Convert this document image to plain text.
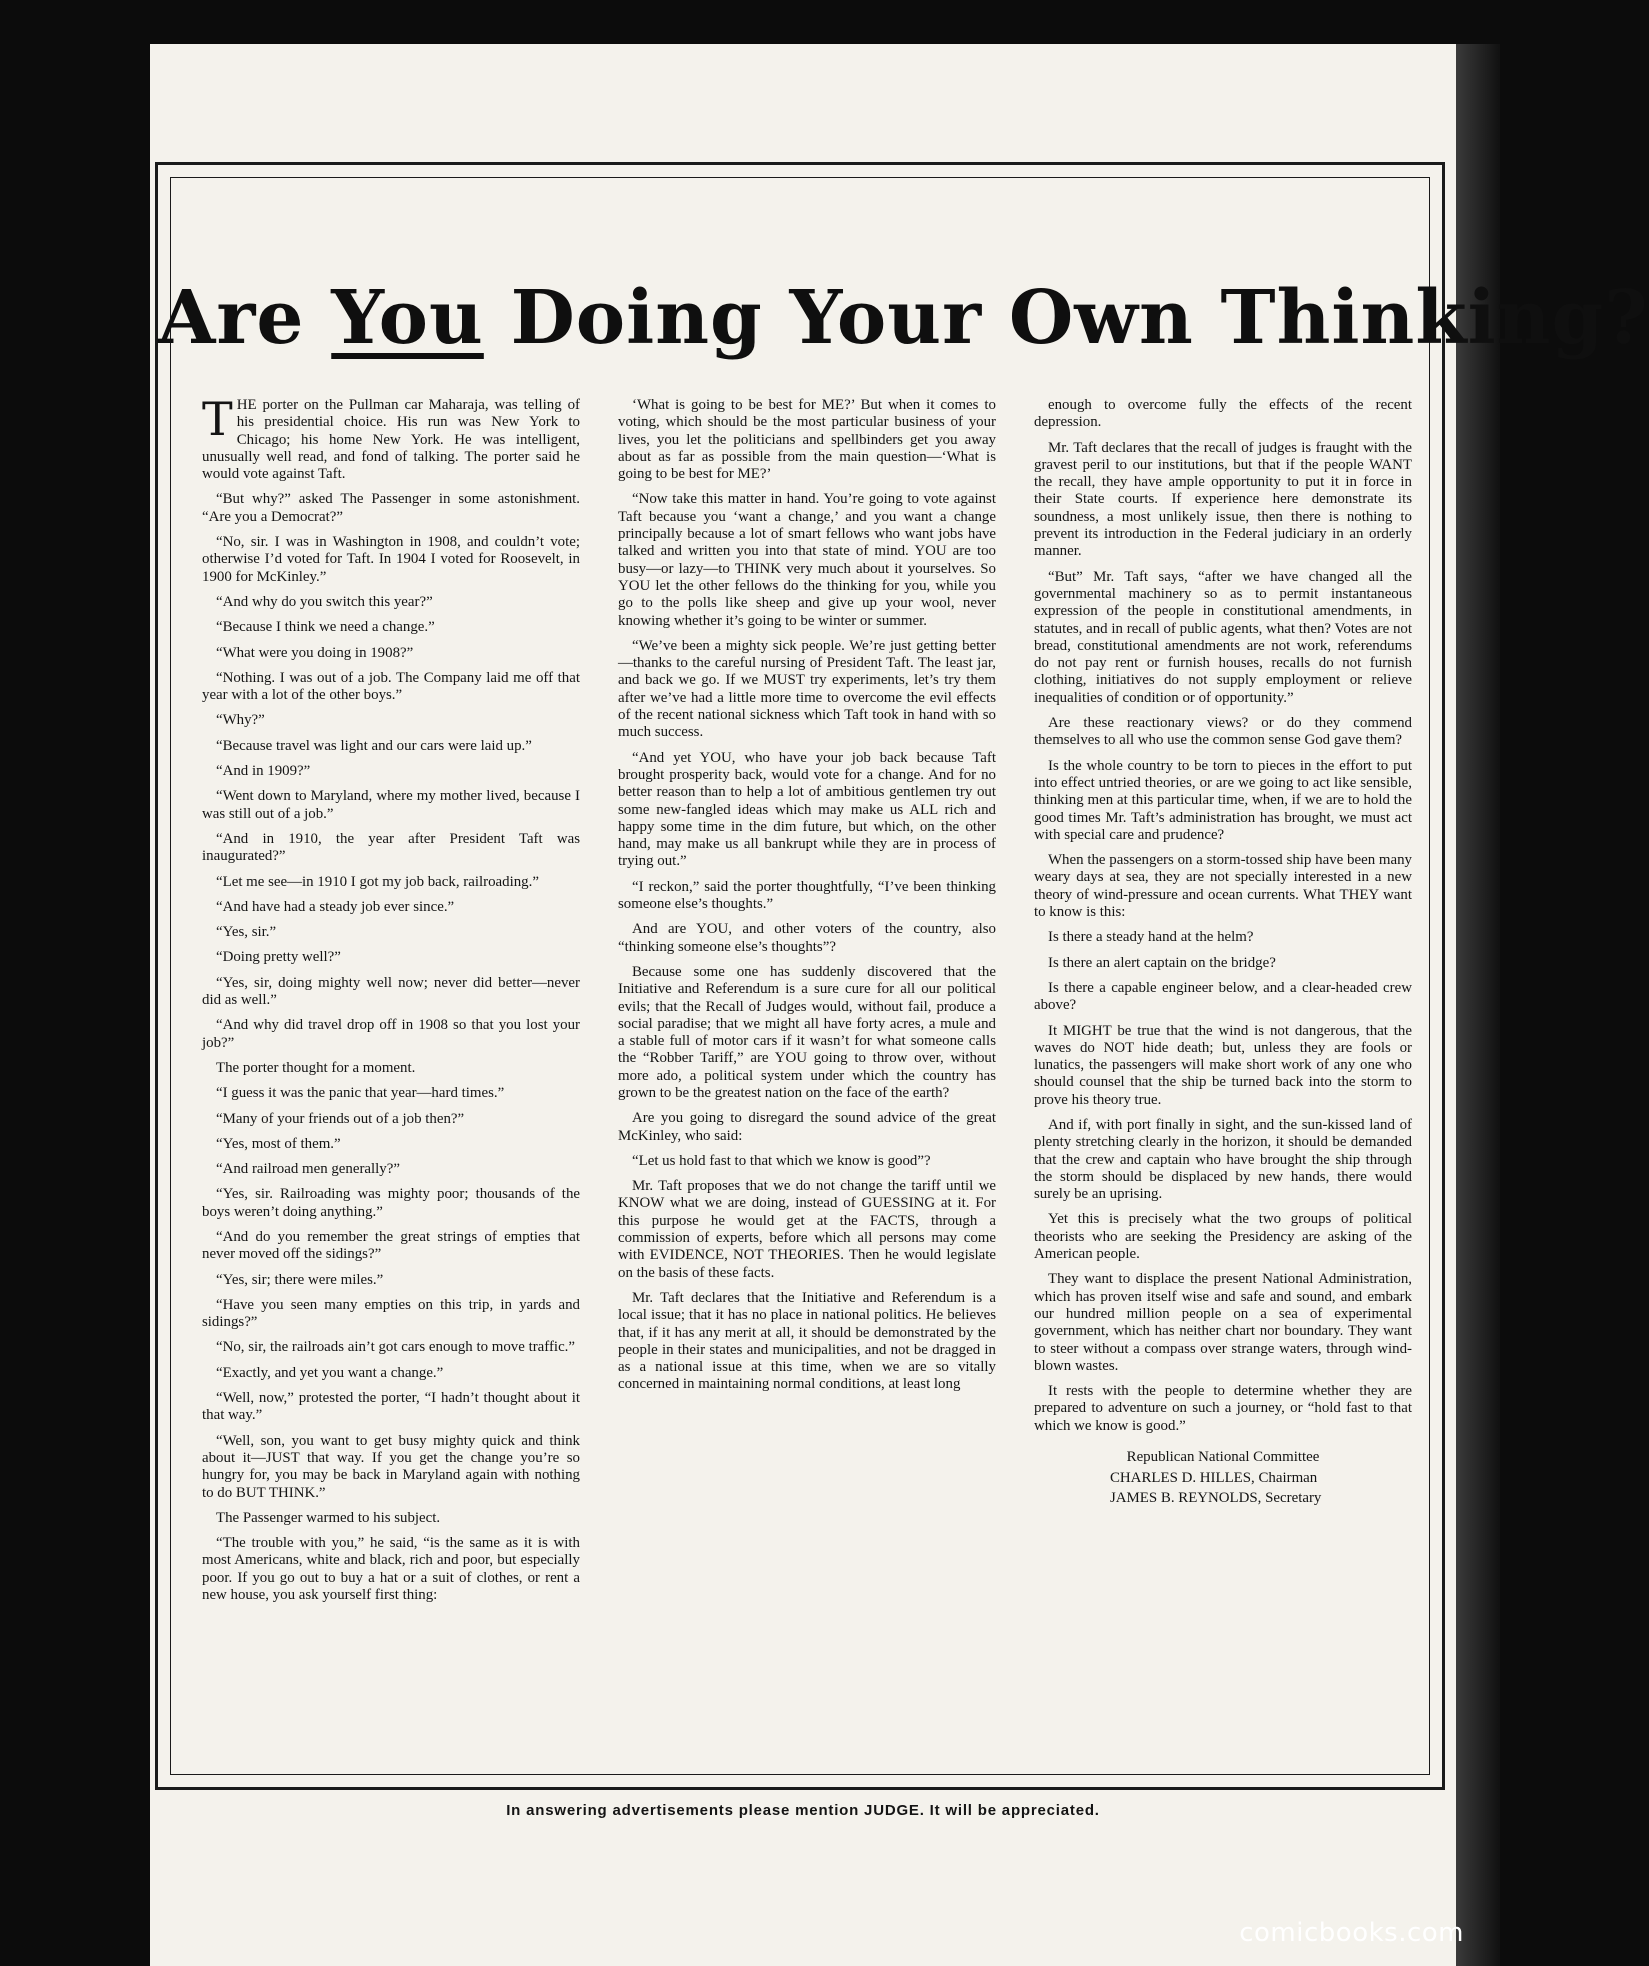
Are You Doing Your Own Thinking?

THE porter on the Pullman car Maharaja, was telling of his presidential choice. His run was New York to Chicago; his home New York. He was intelligent, unusually well read, and fond of talking. The porter said he would vote against Taft.

“But why?” asked The Passenger in some astonishment. “Are you a Democrat?”

“No, sir. I was in Washington in 1908, and couldn’t vote; otherwise I’d voted for Taft. In 1904 I voted for Roosevelt, in 1900 for McKinley.”

“And why do you switch this year?”

“Because I think we need a change.”

“What were you doing in 1908?”

“Nothing. I was out of a job. The Company laid me off that year with a lot of the other boys.”

“Why?”

“Because travel was light and our cars were laid up.”

“And in 1909?”

“Went down to Maryland, where my mother lived, because I was still out of a job.”

“And in 1910, the year after President Taft was inaugurated?”

“Let me see—in 1910 I got my job back, railroading.”

“And have had a steady job ever since.”

“Yes, sir.”

“Doing pretty well?”

“Yes, sir, doing mighty well now; never did better—never did as well.”

“And why did travel drop off in 1908 so that you lost your job?”

The porter thought for a moment.

“I guess it was the panic that year—hard times.”

“Many of your friends out of a job then?”

“Yes, most of them.”

“And railroad men generally?”

“Yes, sir. Railroading was mighty poor; thousands of the boys weren’t doing anything.”

“And do you remember the great strings of empties that never moved off the sidings?”

“Yes, sir; there were miles.”

“Have you seen many empties on this trip, in yards and sidings?”

“No, sir, the railroads ain’t got cars enough to move traffic.”

“Exactly, and yet you want a change.”

“Well, now,” protested the porter, “I hadn’t thought about it that way.”

“Well, son, you want to get busy mighty quick and think about it—JUST that way. If you get the change you’re so hungry for, you may be back in Maryland again with nothing to do BUT THINK.”

The Passenger warmed to his subject.

“The trouble with you,” he said, “is the same as it is with most Americans, white and black, rich and poor, but especially poor. If you go out to buy a hat or a suit of clothes, or rent a new house, you ask yourself first thing:

‘What is going to be best for ME?’ But when it comes to voting, which should be the most particular business of your lives, you let the politicians and spellbinders get you away about as far as possible from the main question—‘What is going to be best for ME?’

“Now take this matter in hand. You’re going to vote against Taft because you ‘want a change,’ and you want a change principally because a lot of smart fellows who want jobs have talked and written you into that state of mind. YOU are too busy—or lazy—to THINK very much about it yourselves. So YOU let the other fellows do the thinking for you, while you go to the polls like sheep and give up your wool, never knowing whether it’s going to be winter or summer.

“We’ve been a mighty sick people. We’re just getting better—thanks to the careful nursing of President Taft. The least jar, and back we go. If we MUST try experiments, let’s try them after we’ve had a little more time to overcome the evil effects of the recent national sickness which Taft took in hand with so much success.

“And yet YOU, who have your job back because Taft brought prosperity back, would vote for a change. And for no better reason than to help a lot of ambitious gentlemen try out some new-fangled ideas which may make us ALL rich and happy some time in the dim future, but which, on the other hand, may make us all bankrupt while they are in process of trying out.”

“I reckon,” said the porter thoughtfully, “I’ve been thinking someone else’s thoughts.”

And are YOU, and other voters of the country, also “thinking someone else’s thoughts”?

Because some one has suddenly discovered that the Initiative and Referendum is a sure cure for all our political evils; that the Recall of Judges would, without fail, produce a social paradise; that we might all have forty acres, a mule and a stable full of motor cars if it wasn’t for what someone calls the “Robber Tariff,” are YOU going to throw over, without more ado, a political system under which the country has grown to be the greatest nation on the face of the earth?

Are you going to disregard the sound advice of the great McKinley, who said:

“Let us hold fast to that which we know is good”?

Mr. Taft proposes that we do not change the tariff until we KNOW what we are doing, instead of GUESSING at it. For this purpose he would get at the FACTS, through a commission of experts, before which all persons may come with EVIDENCE, NOT THEORIES. Then he would legislate on the basis of these facts.

Mr. Taft declares that the Initiative and Referendum is a local issue; that it has no place in national politics. He believes that, if it has any merit at all, it should be demonstrated by the people in their states and municipalities, and not be dragged in as a national issue at this time, when we are so vitally concerned in maintaining normal conditions, at least long

enough to overcome fully the effects of the recent depression.

Mr. Taft declares that the recall of judges is fraught with the gravest peril to our institutions, but that if the people WANT the recall, they have ample opportunity to put it in force in their State courts. If experience here demonstrate its soundness, a most unlikely issue, then there is nothing to prevent its introduction in the Federal judiciary in an orderly manner.

“But” Mr. Taft says, “after we have changed all the governmental machinery so as to permit instantaneous expression of the people in constitutional amendments, in statutes, and in recall of public agents, what then? Votes are not bread, constitutional amendments are not work, referendums do not pay rent or furnish houses, recalls do not furnish clothing, initiatives do not supply employment or relieve inequalities of condition or of opportunity.”

Are these reactionary views? or do they commend themselves to all who use the common sense God gave them?

Is the whole country to be torn to pieces in the effort to put into effect untried theories, or are we going to act like sensible, thinking men at this particular time, when, if we are to hold the good times Mr. Taft’s administration has brought, we must act with special care and prudence?

When the passengers on a storm-tossed ship have been many weary days at sea, they are not specially interested in a new theory of wind-pressure and ocean currents. What THEY want to know is this:

Is there a steady hand at the helm?

Is there an alert captain on the bridge?

Is there a capable engineer below, and a clear-headed crew above?

It MIGHT be true that the wind is not dangerous, that the waves do NOT hide death; but, unless they are fools or lunatics, the passengers will make short work of any one who should counsel that the ship be turned back into the storm to prove his theory true.

And if, with port finally in sight, and the sun-kissed land of plenty stretching clearly in the horizon, it should be demanded that the crew and captain who have brought the ship through the storm should be displaced by new hands, there would surely be an uprising.

Yet this is precisely what the two groups of political theorists who are seeking the Presidency are asking of the American people.

They want to displace the present National Administration, which has proven itself wise and safe and sound, and embark our hundred million people on a sea of experimental government, which has neither chart nor boundary. They want to steer without a compass over strange waters, through wind-blown wastes.

It rests with the people to determine whether they are prepared to adventure on such a journey, or “hold fast to that which we know is good.”

Republican National Committee
CHARLES D. HILLES, Chairman
JAMES B. REYNOLDS, Secretary
In answering advertisements please mention JUDGE. It will be appreciated.
comicbooks.com
